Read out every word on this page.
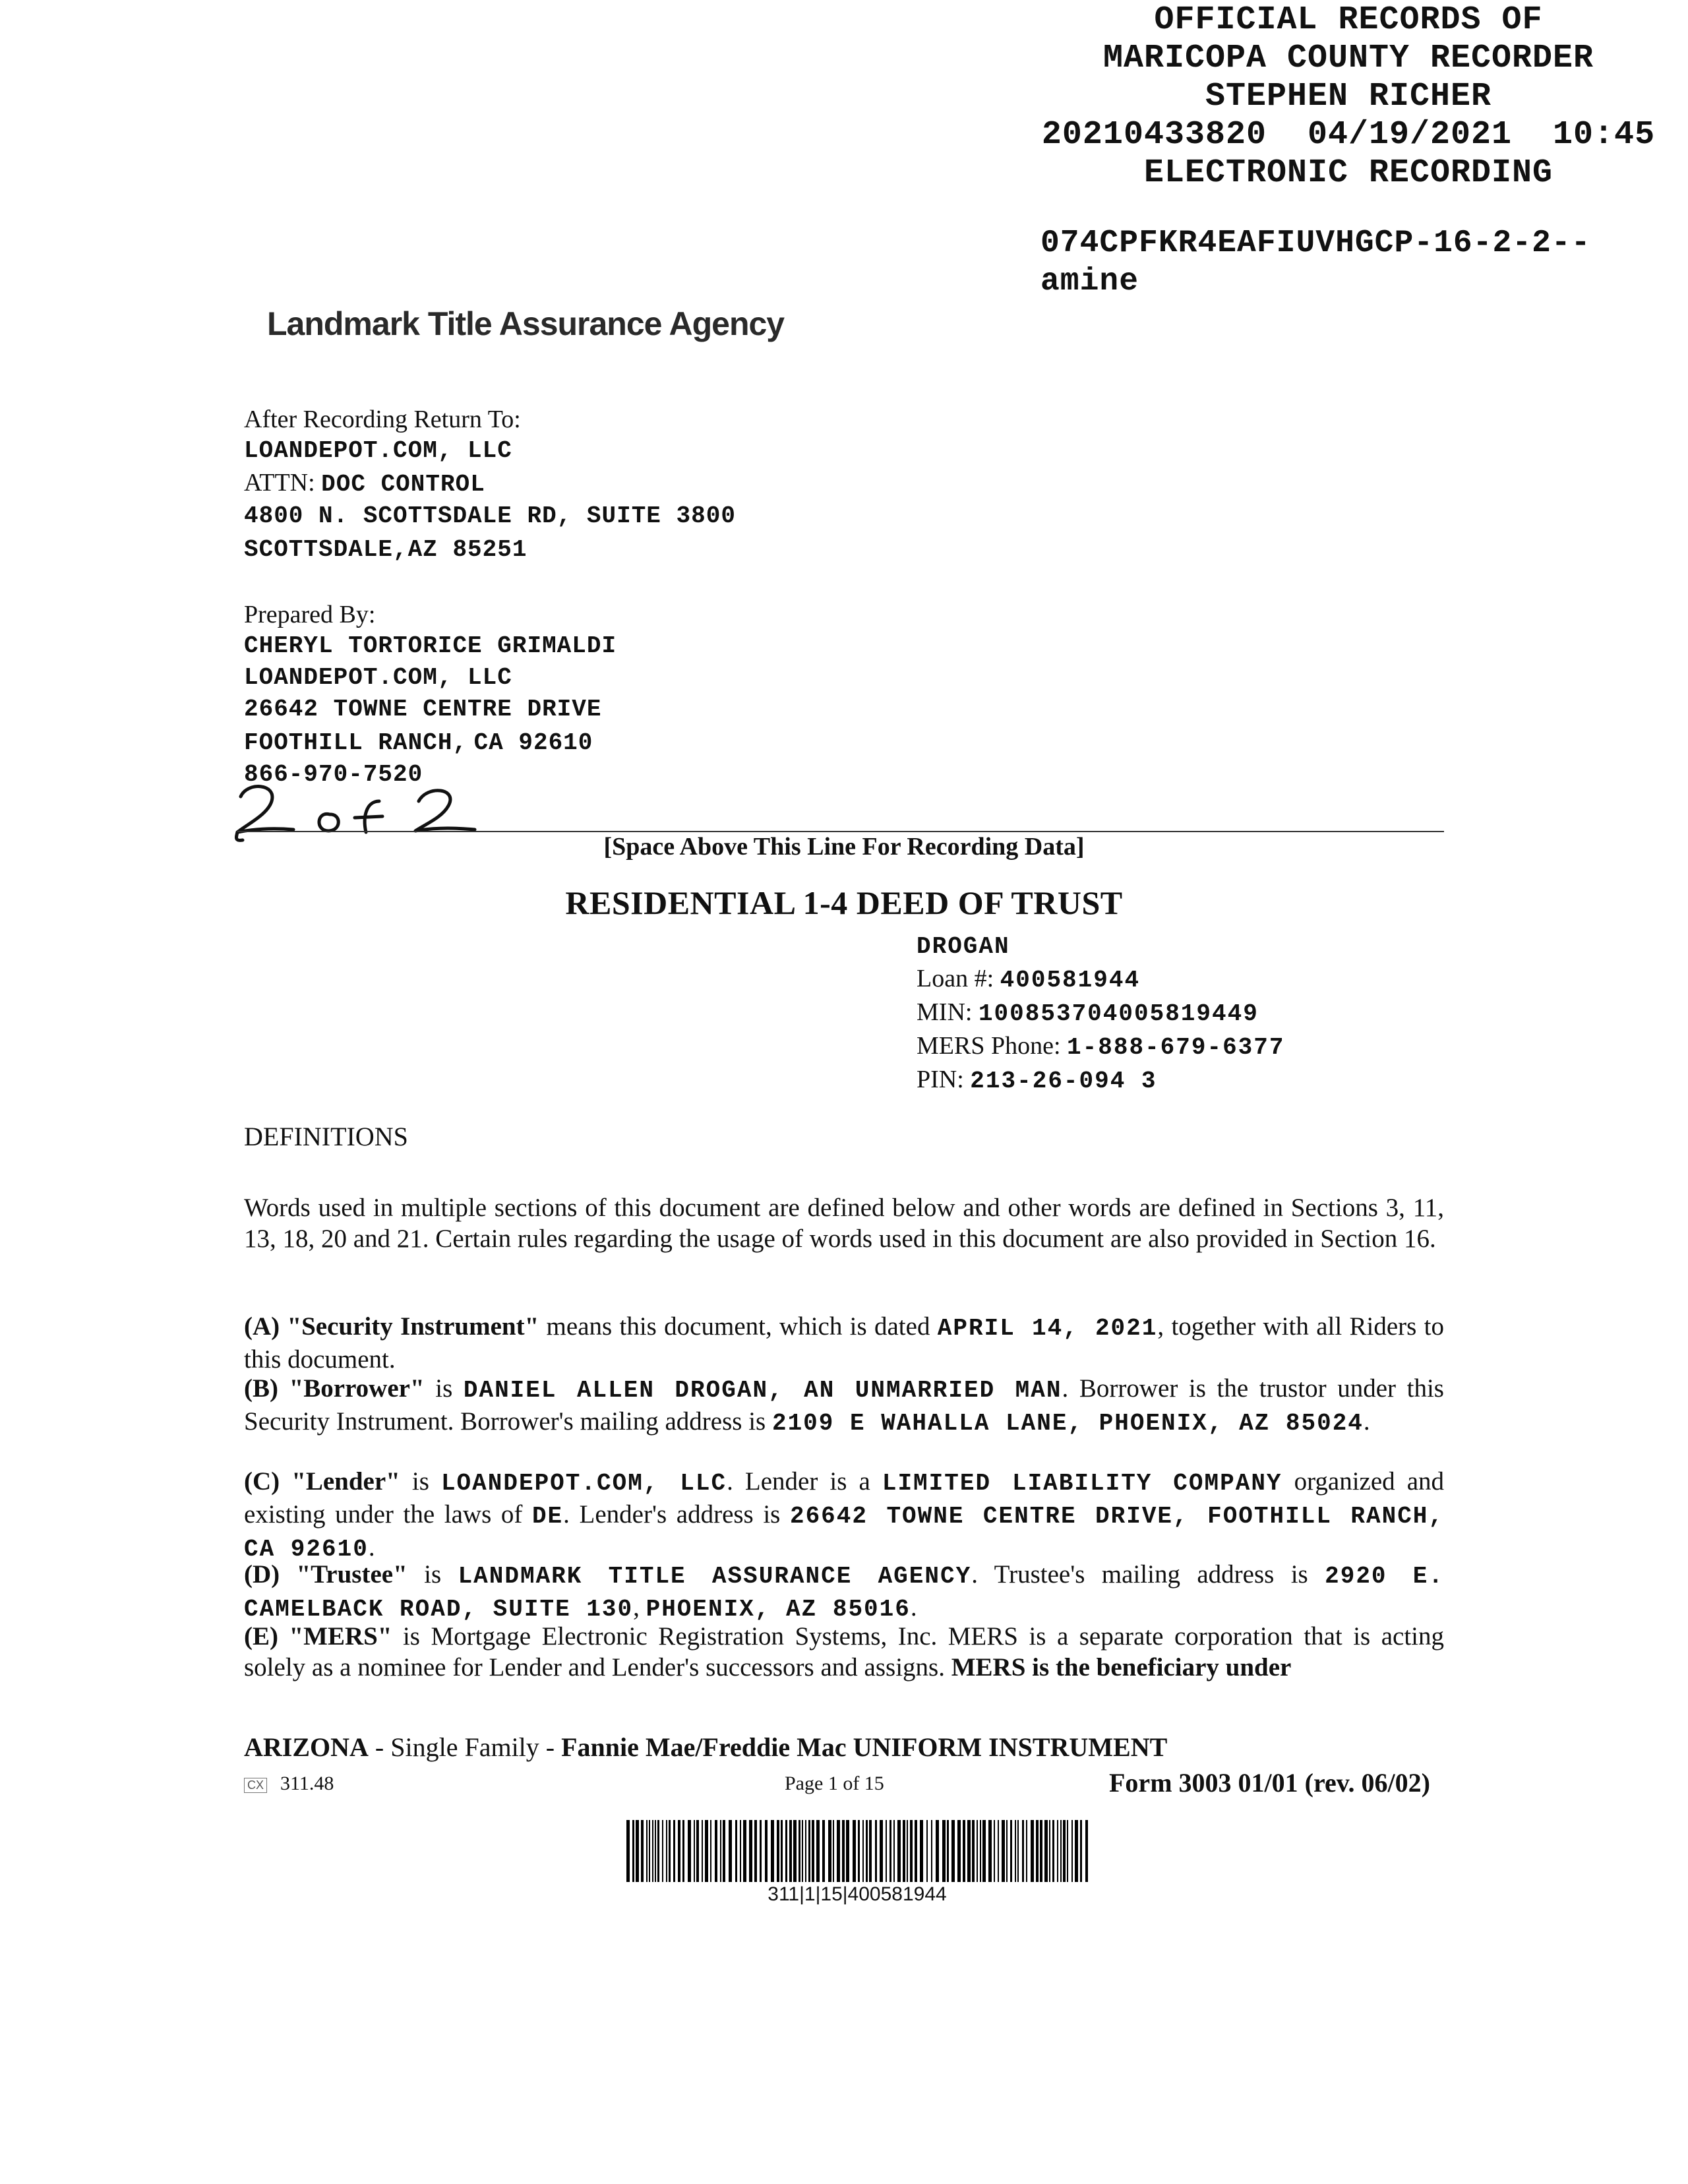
OFFICIAL RECORDS OF
MARICOPA COUNTY RECORDER
STEPHEN RICHER
20210433820  04/19/2021  10:45
ELECTRONIC RECORDING
074CPFKR4EAFIUVHGCP-16-2-2--
amine
Landmark Title Assurance Agency
After Recording Return To:
LOANDEPOT.COM, LLC
ATTN: DOC CONTROL
4800 N. SCOTTSDALE RD, SUITE 3800
SCOTTSDALE,AZ 85251
Prepared By:
CHERYL TORTORICE GRIMALDI
LOANDEPOT.COM, LLC
26642 TOWNE CENTRE DRIVE
FOOTHILL RANCH, CA 92610
866-970-7520
[Space Above This Line For Recording Data]
RESIDENTIAL 1-4 DEED OF TRUST
DROGAN
Loan #: 400581944
MIN: 100853704005819449
MERS Phone: 1-888-679-6377
PIN: 213-26-094 3
DEFINITIONS
Words used in multiple sections of this document are defined below and other words are defined in Sections 3, 11, 13, 18, 20 and 21. Certain rules regarding the usage of words used in this document are also provided in Section 16.
(A) "Security Instrument" means this document, which is dated APRIL 14, 2021, together with all Riders to this document.
(B) "Borrower" is DANIEL ALLEN DROGAN, AN UNMARRIED MAN. Borrower is the trustor under this Security Instrument. Borrower's mailing address is 2109 E WAHALLA LANE, PHOENIX, AZ 85024.
(C) "Lender" is LOANDEPOT.COM, LLC. Lender is a LIMITED LIABILITY COMPANY organized and existing under the laws of DE. Lender's address is 26642 TOWNE CENTRE DRIVE, FOOTHILL RANCH, CA 92610.
(D) "Trustee" is LANDMARK TITLE ASSURANCE AGENCY. Trustee's mailing address is 2920 E. CAMELBACK ROAD, SUITE 130, PHOENIX, AZ 85016.
(E) "MERS" is Mortgage Electronic Registration Systems, Inc. MERS is a separate corporation that is acting solely as a nominee for Lender and Lender's successors and assigns. MERS is the beneficiary under
ARIZONA - Single Family - Fannie Mae/Freddie Mac UNIFORM INSTRUMENT
CX 311.48	Page 1 of 15	Form 3003 01/01 (rev. 06/02)
311|1|15|400581944
